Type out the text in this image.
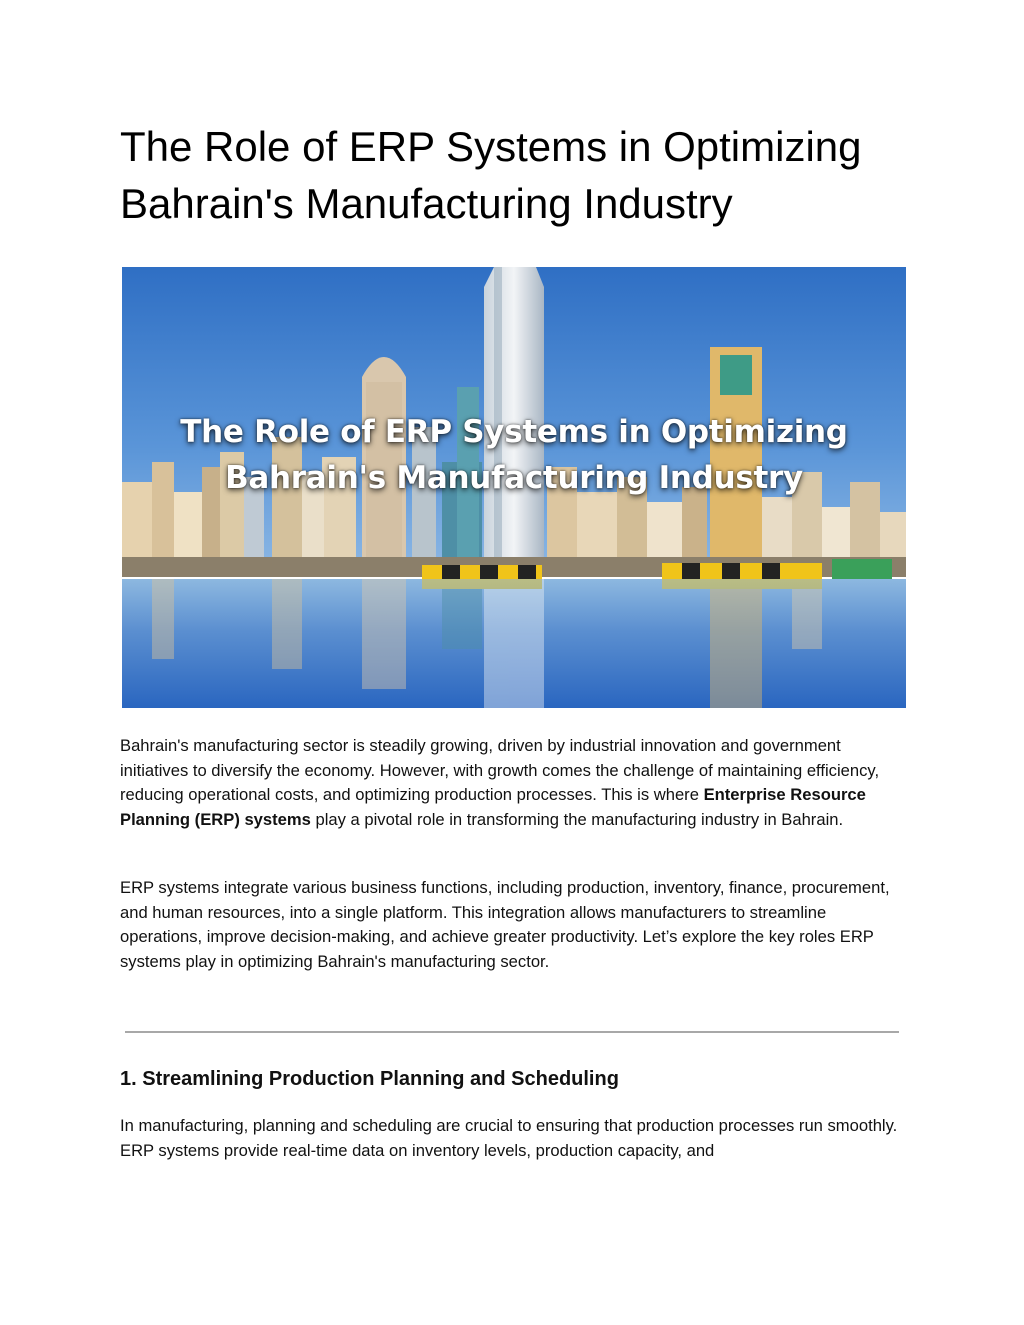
The Role of ERP Systems in Optimizing Bahrain's Manufacturing Industry
The Role of ERP Systems in Optimizing
Bahrain's Manufacturing Industry

Bahrain's manufacturing sector is steadily growing, driven by industrial innovation and government initiatives to diversify the economy. However, with growth comes the challenge of maintaining efficiency, reducing operational costs, and optimizing production processes. This is where Enterprise Resource Planning (ERP) systems play a pivotal role in transforming the manufacturing industry in Bahrain.

ERP systems integrate various business functions, including production, inventory, finance, procurement, and human resources, into a single platform. This integration allows manufacturers to streamline operations, improve decision-making, and achieve greater productivity. Let’s explore the key roles ERP systems play in optimizing Bahrain's manufacturing sector.

1. Streamlining Production Planning and Scheduling

In manufacturing, planning and scheduling are crucial to ensuring that production processes run smoothly. ERP systems provide real-time data on inventory levels, production capacity, and
